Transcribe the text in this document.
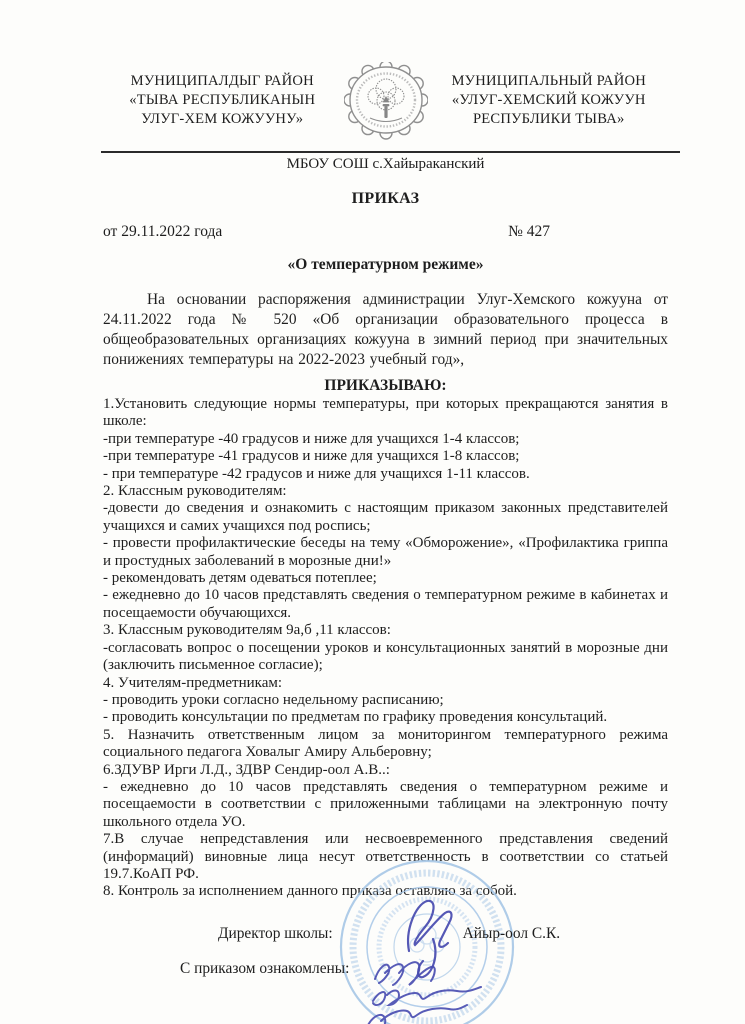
МУНИЦИПАЛДЫГ РАЙОН
«ТЫВА РЕСПУБЛИКАНЫН
УЛУГ-ХЕМ КОЖУУНУ»
МУНИЦИПАЛЬНЫЙ РАЙОН
«УЛУГ-ХЕМСКИЙ КОЖУУН
РЕСПУБЛИКИ ТЫВА»
МБОУ СОШ с.Хайыраканский
ПРИКАЗ
от 29.11.2022 года	№ 427
«О температурном режиме»

На основании распоряжения администрации Улуг-Хемского кожууна от 24.11.2022 года № 520 «Об организации образовательного процесса в общеобразовательных организациях кожууна в зимний период при значительных понижениях температуры на 2022-2023 учебный год»,

ПРИКАЗЫВАЮ:

1.Установить следующие нормы температуры, при которых прекращаются занятия в школе:

-при температуре -40 градусов и ниже для учащихся 1-4 классов;

-при температуре -41 градусов и ниже для учащихся 1-8 классов;

- при температуре -42 градусов и ниже для учащихся 1-11 классов.

2. Классным руководителям:

-довести до сведения и ознакомить с настоящим приказом законных представителей учащихся и самих учащихся под роспись;

- провести профилактические беседы на тему «Обморожение», «Профилактика гриппа и простудных заболеваний в морозные дни!»

- рекомендовать детям одеваться потеплее;

- ежедневно до 10 часов представлять сведения о температурном режиме в кабинетах и посещаемости обучающихся.

3. Классным руководителям 9а,б ,11 классов:

-согласовать вопрос о посещении уроков и консультационных занятий в морозные дни (заключить письменное согласие);

4. Учителям-предметникам:

- проводить уроки согласно недельному расписанию;

- проводить консультации по предметам по графику проведения консультаций.

5. Назначить ответственным лицом за мониторингом температурного режима социального педагога Ховалыг Амиру Альберовну;

6.ЗДУВР Ирги Л.Д., ЗДВР Сендир-оол А.В..:

- ежедневно до 10 часов представлять сведения о температурном режиме и посещаемости в соответствии с приложенными таблицами на электронную почту школьного отдела УО.

7.В случае непредставления или несвоевременного представления сведений (информаций) виновные лица несут ответственность в соответствии со статьей 19.7.КоАП РФ.

8. Контроль за исполнением данного приказа оставляю за собой.

Директор школы:	Айыр-оол С.К.
С приказом ознакомлены:
